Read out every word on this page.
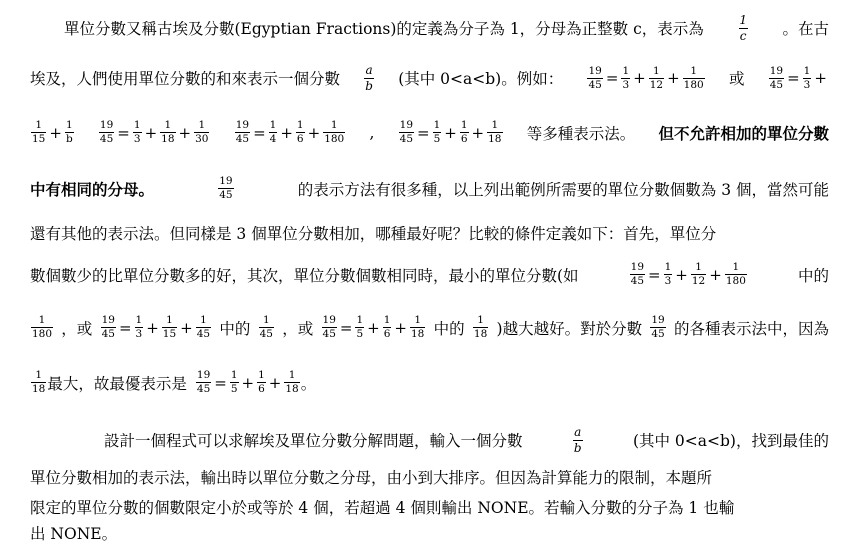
單位分數又稱古埃及分數(Egyptian Fractions)的定義為分子為 1，分母為正整數 c，表示為	$\frac{1}{c}$ 。在古
埃及，人們使用單位分數的和來表示一個分數 $\frac{a}{b}$ (其中 0<a<b)。例如： $\frac{19}{45} = \frac{1}{3} + \frac{1}{12} + \frac{1}{180}$ 或 $\frac{19}{45} = \frac{1}{3}$ +
$\frac{1}{15} + \frac{1}{b} \frac{19}{45} = \frac{1}{3} + \frac{1}{18} + \frac{1}{30} \frac{19}{45} = \frac{1}{4} + \frac{1}{6} + \frac{1}{180}$ , $\frac{19}{45} = \frac{1}{5} + \frac{1}{6} + \frac{1}{18}$ 等多種表示法。 但不允許相加的單位分數
中有相同的分母。	$\frac{19}{45}$	的表示方法有很多種，以上列出範例所需要的單位分數個數為 3 個，當然可能
還有其他的表示法。但同樣是 3 個單位分數相加，哪種最好呢？比較的條件定義如下：首先，單位分
數個數少的比單位分數多的好，其次，單位分數個數相同時，最小的單位分數(如	$\frac{19}{45} = \frac{1}{3} + \frac{1}{12} + \frac{1}{180}$	中的
$\frac{1}{180}$ ，或 $\frac{19}{45} = \frac{1}{3} + \frac{1}{15} + \frac{1}{45}$ 中的 $\frac{1}{45}$ ，或 $\frac{19}{45} = \frac{1}{5} + \frac{1}{6} + \frac{1}{18}$ 中的 $\frac{1}{18}$ )越大越好。對於分數 $\frac{19}{45}$ 的各種表示法中，因為
$\frac{1}{18}$ 最大，故最優表示是 $\frac{19}{45} = \frac{1}{5} + \frac{1}{6} + \frac{1}{18}$ 。
設計一個程式可以求解埃及單位分數分解問題，輸入一個分數	$\frac{a}{b}$	(其中 0<a<b)，找到最佳的
單位分數相加的表示法，輸出時以單位分數之分母，由小到大排序。但因為計算能力的限制，本題所
限定的單位分數的個數限定小於或等於 4 個，若超過 4 個則輸出 NONE。若輸入分數的分子為 1 也輸
出 NONE。
